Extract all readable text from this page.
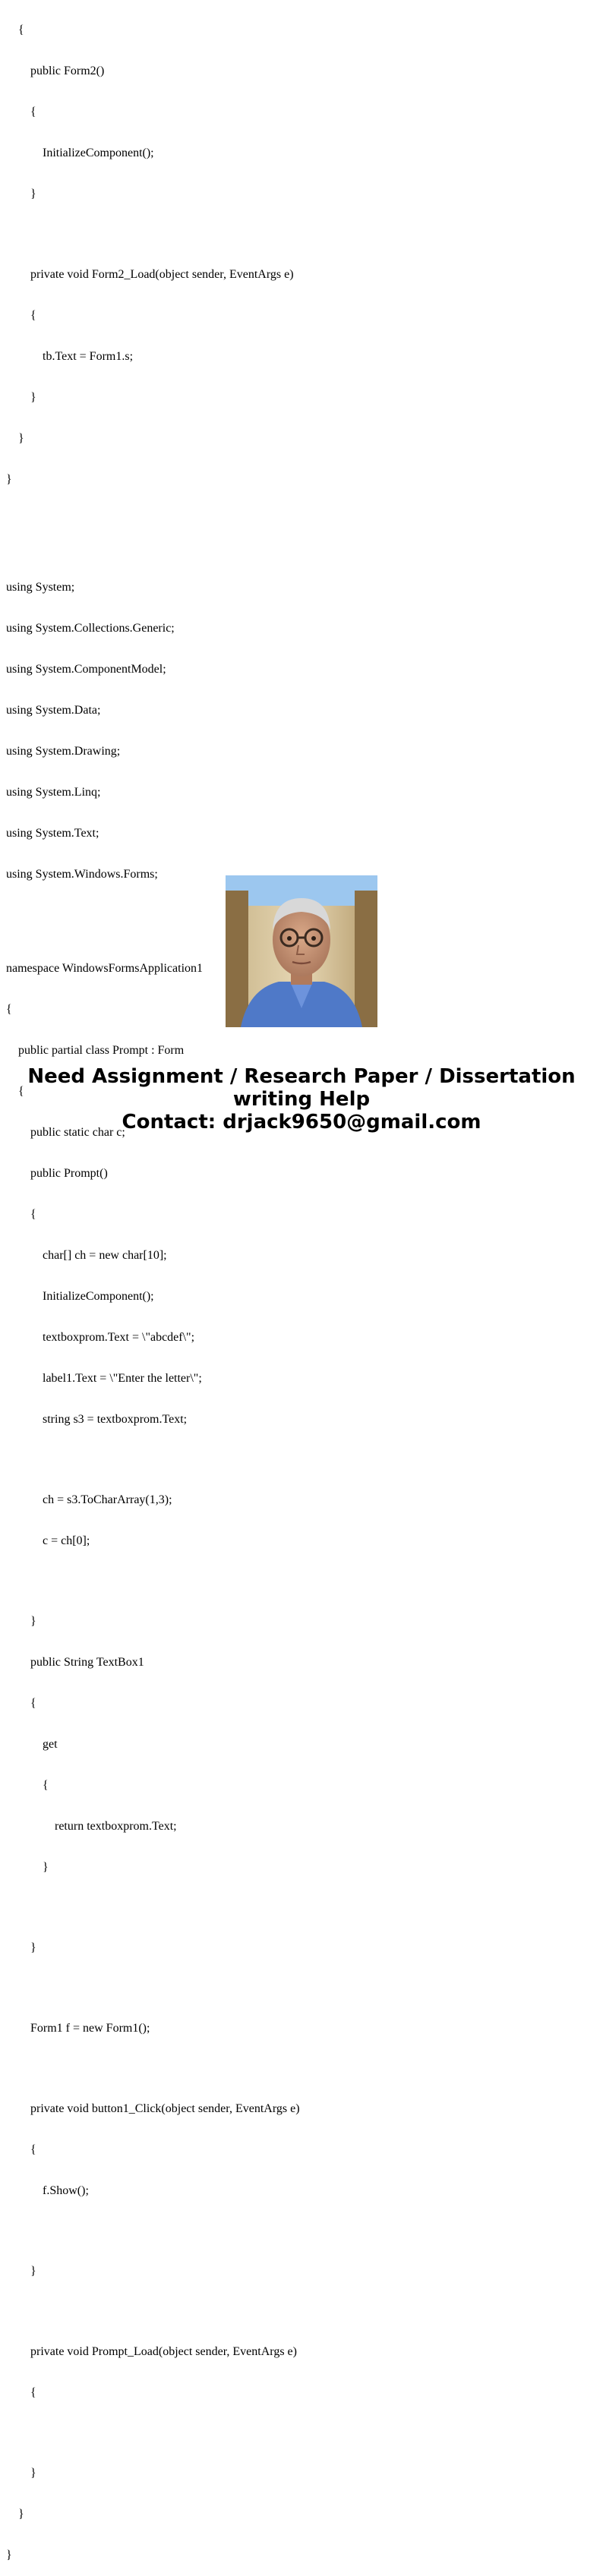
{

public Form2()

{

InitializeComponent();

}

private void Form2_Load(object sender, EventArgs e)

{

tb.Text = Form1.s;

}

}

}

using System;

using System.Collections.Generic;

using System.ComponentModel;

using System.Data;

using System.Drawing;

using System.Linq;

using System.Text;

using System.Windows.Forms;

namespace WindowsFormsApplication1

{

public partial class Prompt : Form

{

public static char c;

public Prompt()

{

char[] ch = new char[10];

InitializeComponent();

textboxprom.Text = \"abcdef\";

label1.Text = \"Enter the letter\";

string s3 = textboxprom.Text;

ch = s3.ToCharArray(1,3);

c = ch[0];

}

public String TextBox1

{

get

{

return textboxprom.Text;

}

}

Form1 f = new Form1();

private void button1_Click(object sender, EventArgs e)

{

f.Show();

}

private void Prompt_Load(object sender, EventArgs e)

{

}

}

}

Need Assignment / Research Paper / Dissertation
writing Help
Contact: drjack9650@gmail.com
